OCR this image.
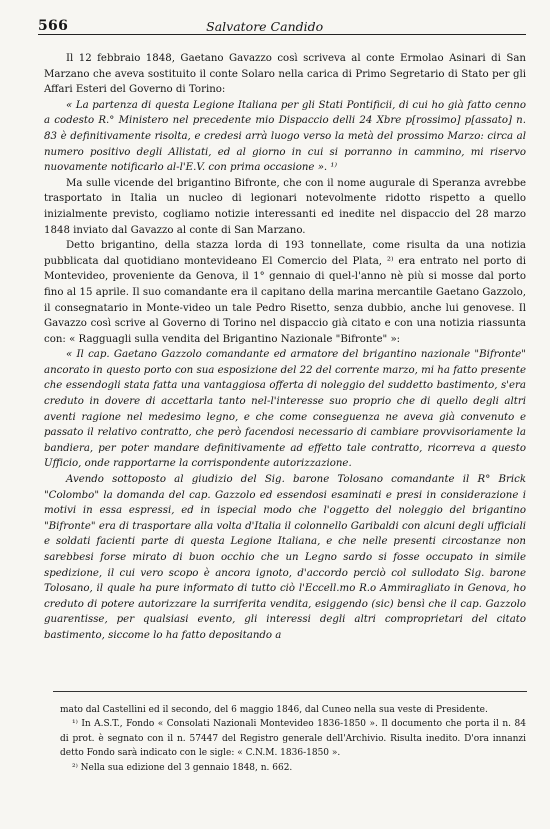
566	Salvatore Candido

Il 12 febbraio 1848, Gaetano Gavazzo così scriveva al conte Ermolao Asinari di San Marzano che aveva sostituito il conte Solaro nella carica di Primo Segretario di Stato per gli Affari Esteri del Governo di Torino:

« La partenza di questa Legione Italiana per gli Stati Pontificii, di cui ho già fatto cenno a codesto R.° Ministero nel precedente mio Dispaccio delli 24 Xbre p[rossimo] p[assato] n. 83 è definitivamente risolta, e credesi arrà luogo verso la metà del prossimo Marzo: circa al numero positivo degli Allistati, ed al giorno in cui si porranno in cammino, mi riservo nuovamente notificarlo al-l'E.V. con prima occasione ». ¹⁾

Ma sulle vicende del brigantino Bifronte, che con il nome augurale di Speranza avrebbe trasportato in Italia un nucleo di legionari notevolmente ridotto rispetto a quello inizialmente previsto, cogliamo notizie interessanti ed inedite nel dispaccio del 28 marzo 1848 inviato dal Gavazzo al conte di San Marzano.

Detto brigantino, della stazza lorda di 193 tonnellate, come risulta da una notizia pubblicata dal quotidiano montevideano El Comercio del Plata, ²⁾ era entrato nel porto di Montevideo, proveniente da Genova, il 1° gennaio di quel-l'anno nè più si mosse dal porto fino al 15 aprile. Il suo comandante era il capitano della marina mercantile Gaetano Gazzolo, il consegnatario in Monte-video un tale Pedro Risetto, senza dubbio, anche lui genovese. Il Gavazzo così scrive al Governo di Torino nel dispaccio già citato e con una notizia riassunta con: « Ragguagli sulla vendita del Brigantino Nazionale "Bifronte" »:

« Il cap. Gaetano Gazzolo comandante ed armatore del brigantino nazionale "Bifronte" ancorato in questo porto con sua esposizione del 22 del corrente marzo, mi ha fatto presente che essendogli stata fatta una vantaggiosa offerta di noleggio del suddetto bastimento, s'era creduto in dovere di accettarla tanto nel-l'interesse suo proprio che di quello degli altri aventi ragione nel medesimo legno, e che come conseguenza ne aveva già convenuto e passato il relativo contratto, che però facendosi necessario di cambiare provvisoriamente la bandiera, per poter mandare definitivamente ad effetto tale contratto, ricorreva a questo Ufficio, onde rapportarne la corrispondente autorizzazione.

Avendo sottoposto al giudizio del Sig. barone Tolosano comandante il R° Brick "Colombo" la domanda del cap. Gazzolo ed essendosi esaminati e presi in considerazione i motivi in essa espressi, ed in ispecial modo che l'oggetto del noleggio del brigantino "Bifronte" era di trasportare alla volta d'Italia il colonnello Garibaldi con alcuni degli ufficiali e soldati facienti parte di questa Legione Italiana, e che nelle presenti circostanze non sarebbesi forse mirato di buon occhio che un Legno sardo si fosse occupato in simile spedizione, il cui vero scopo è ancora ignoto, d'accordo perciò col sullodato Sig. barone Tolosano, il quale ha pure informato di tutto ciò l'Eccell.mo R.o Ammiragliato in Genova, ho creduto di potere autorizzare la surriferita vendita, esiggendo (sic) bensì che il cap. Gazzolo guarentisse, per qualsiasi evento, gli interessi degli altri comproprietari del citato bastimento, siccome lo ha fatto depositando a

mato dal Castellini ed il secondo, del 6 maggio 1846, dal Cuneo nella sua veste di Presidente.

¹⁾ In A.S.T., Fondo « Consolati Nazionali Montevideo 1836-1850 ». Il documento che porta il n. 84 di prot. è segnato con il n. 57447 del Registro generale dell'Archivio. Risulta inedito. D'ora innanzi detto Fondo sarà indicato con le sigle: « C.N.M. 1836-1850 ».

²⁾ Nella sua edizione del 3 gennaio 1848, n. 662.
